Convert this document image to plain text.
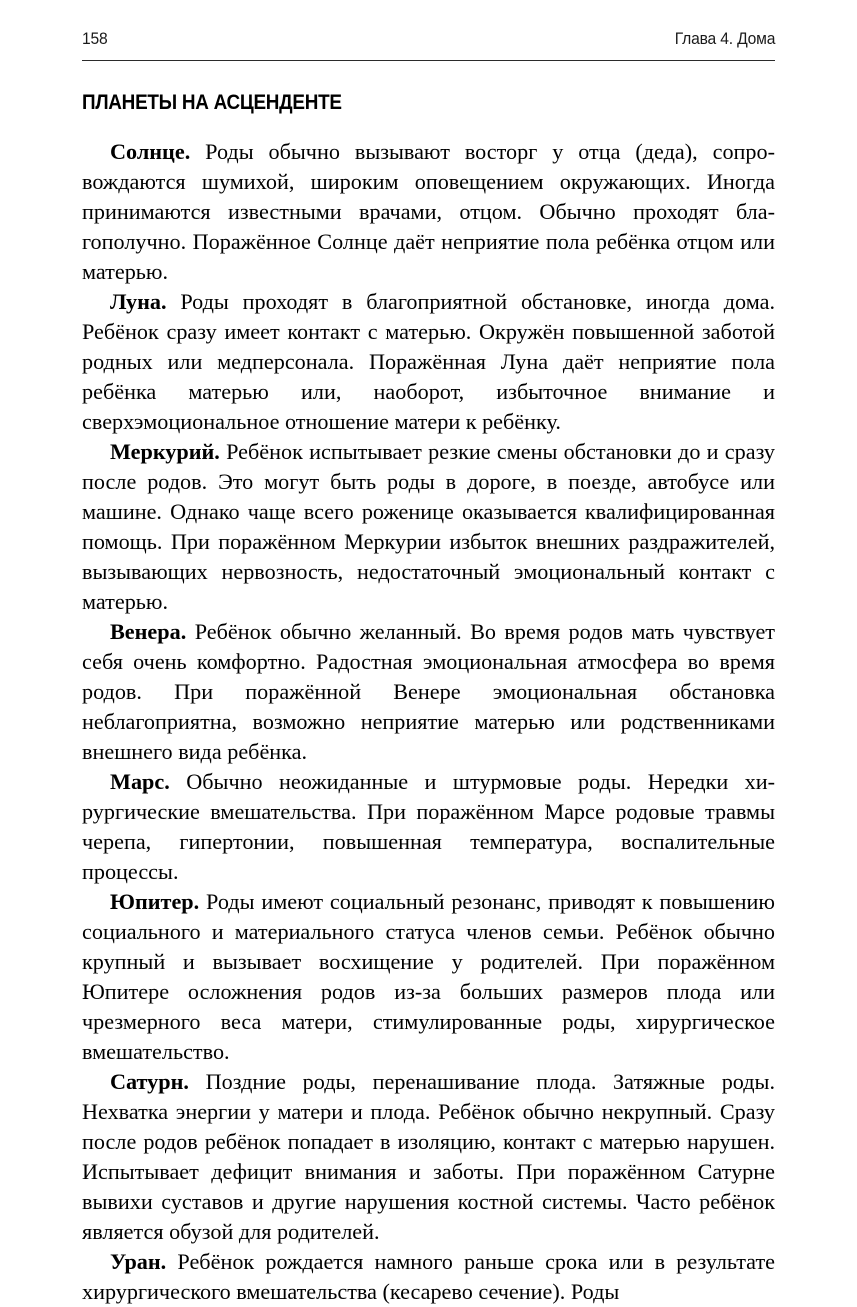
158	Глава 4. Дома
ПЛАНЕТЫ НА АСЦЕНДЕНТЕ

Солнце. Роды обычно вызывают восторг у отца (деда), сопровождаются шумихой, широким оповещением окружающих. Иногда принимаются известными врачами, отцом. Обычно проходят благополучно. Поражённое Солнце даёт неприятие пола ребёнка отцом или матерью.

Луна. Роды проходят в благоприятной обстановке, иногда дома. Ребёнок сразу имеет контакт с матерью. Окружён повышенной заботой родных или медперсонала. Поражённая Луна даёт неприятие пола ребёнка матерью или, наоборот, избыточное внимание и сверхэмоциональное отношение матери к ребёнку.

Меркурий. Ребёнок испытывает резкие смены обстановки до и сразу после родов. Это могут быть роды в дороге, в поезде, автобусе или машине. Однако чаще всего роженице оказывается квалифицированная помощь. При поражённом Меркурии избыток внешних раздражителей, вызывающих нервозность, недостаточный эмоциональный контакт с матерью.

Венера. Ребёнок обычно желанный. Во время родов мать чувствует себя очень комфортно. Радостная эмоциональная атмосфера во время родов. При поражённой Венере эмоциональная обстановка неблагоприятна, возможно неприятие матерью или родственниками внешнего вида ребёнка.

Марс. Обычно неожиданные и штурмовые роды. Нередки хирургические вмешательства. При поражённом Марсе родовые травмы черепа, гипертонии, повышенная температура, воспалительные процессы.

Юпитер. Роды имеют социальный резонанс, приводят к повышению социального и материального статуса членов семьи. Ребёнок обычно крупный и вызывает восхищение у родителей. При поражённом Юпитере осложнения родов из-за больших размеров плода или чрезмерного веса матери, стимулированные роды, хирургическое вмешательство.

Сатурн. Поздние роды, перенашивание плода. Затяжные роды. Нехватка энергии у матери и плода. Ребёнок обычно некрупный. Сразу после родов ребёнок попадает в изоляцию, контакт с матерью нарушен. Испытывает дефицит внимания и заботы. При поражённом Сатурне вывихи суставов и другие нарушения костной системы. Часто ребёнок является обузой для родителей.

Уран. Ребёнок рождается намного раньше срока или в результате хирургического вмешательства (кесарево сечение). Роды
